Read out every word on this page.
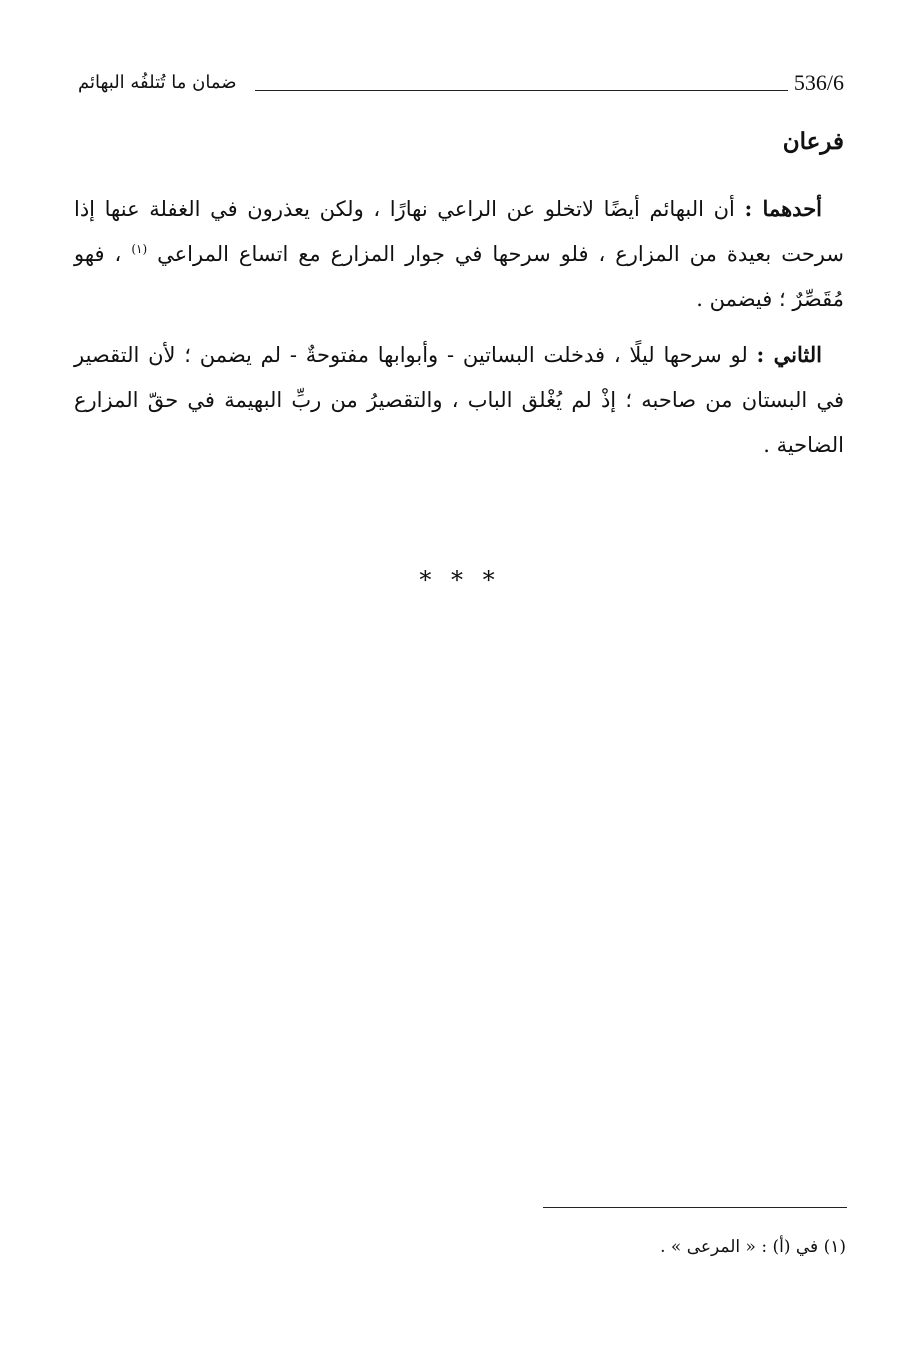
ضمان ما تُتلفُه البهائم	536/6
فرعان

أحدهما : أن البهائم أيضًا لاتخلو عن الراعي نهارًا ، ولكن يعذرون في الغفلة عنها إذا سرحت بعيدة من المزارع ، فلو سرحها في جوار المزارع مع اتساع المراعي $^{(١)}$ ، فهو مُقَصِّرٌ ؛ فيضمن .

الثاني : لو سرحها ليلًا ، فدخلت البساتين - وأبوابها مفتوحةٌ - لم يضمن ؛ لأن التقصير في البستان من صاحبه ؛ إذْ لم يُغْلق الباب ، والتقصيرُ من ربِّ البهيمة في حقّ المزارع الضاحية .

* * *
(١) في (أ) : « المرعى » .
